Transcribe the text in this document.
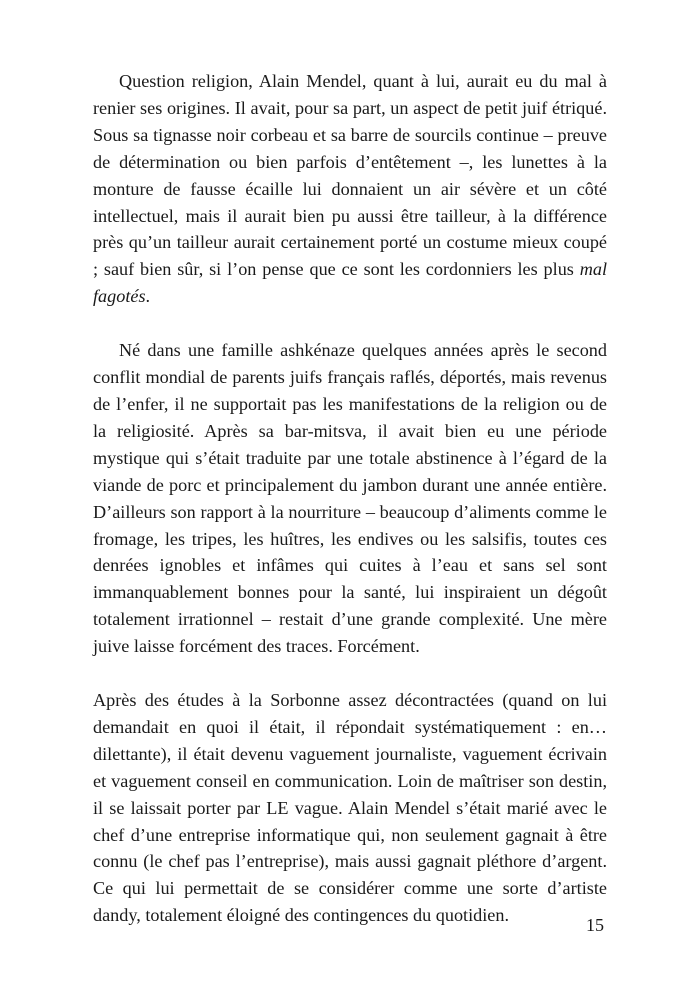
Question religion, Alain Mendel, quant à lui, aurait eu du mal à renier ses origines. Il avait, pour sa part, un aspect de petit juif étriqué. Sous sa tignasse noir corbeau et sa barre de sourcils continue – preuve de détermination ou bien parfois d’entêtement –, les lunettes à la monture de fausse écaille lui donnaient un air sévère et un côté intellectuel, mais il aurait bien pu aussi être tailleur, à la différence près qu’un tailleur aurait certainement porté un costume mieux coupé ; sauf bien sûr, si l’on pense que ce sont les cordonniers les plus mal fagotés.

Né dans une famille ashkénaze quelques années après le second conflit mondial de parents juifs français raflés, déportés, mais revenus de l’enfer, il ne supportait pas les manifestations de la religion ou de la religiosité. Après sa bar-mitsva, il avait bien eu une période mystique qui s’était traduite par une totale abstinence à l’égard de la viande de porc et principalement du jambon durant une année entière. D’ailleurs son rapport à la nourriture – beaucoup d’aliments comme le fromage, les tripes, les huîtres, les endives ou les salsifis, toutes ces denrées ignobles et infâmes qui cuites à l’eau et sans sel sont immanquablement bonnes pour la santé, lui inspiraient un dégoût totalement irrationnel – restait d’une grande complexité. Une mère juive laisse forcément des traces. Forcément.

Après des études à la Sorbonne assez décontractées (quand on lui demandait en quoi il était, il répondait systématiquement : en… dilettante), il était devenu vaguement journaliste, vaguement écrivain et vaguement conseil en communication. Loin de maîtriser son destin, il se laissait porter par LE vague. Alain Mendel s’était marié avec le chef d’une entreprise informatique qui, non seulement gagnait à être connu (le chef pas l’entreprise), mais aussi gagnait pléthore d’argent. Ce qui lui permettait de se considérer comme une sorte d’artiste dandy, totalement éloigné des contingences du quotidien.	15
